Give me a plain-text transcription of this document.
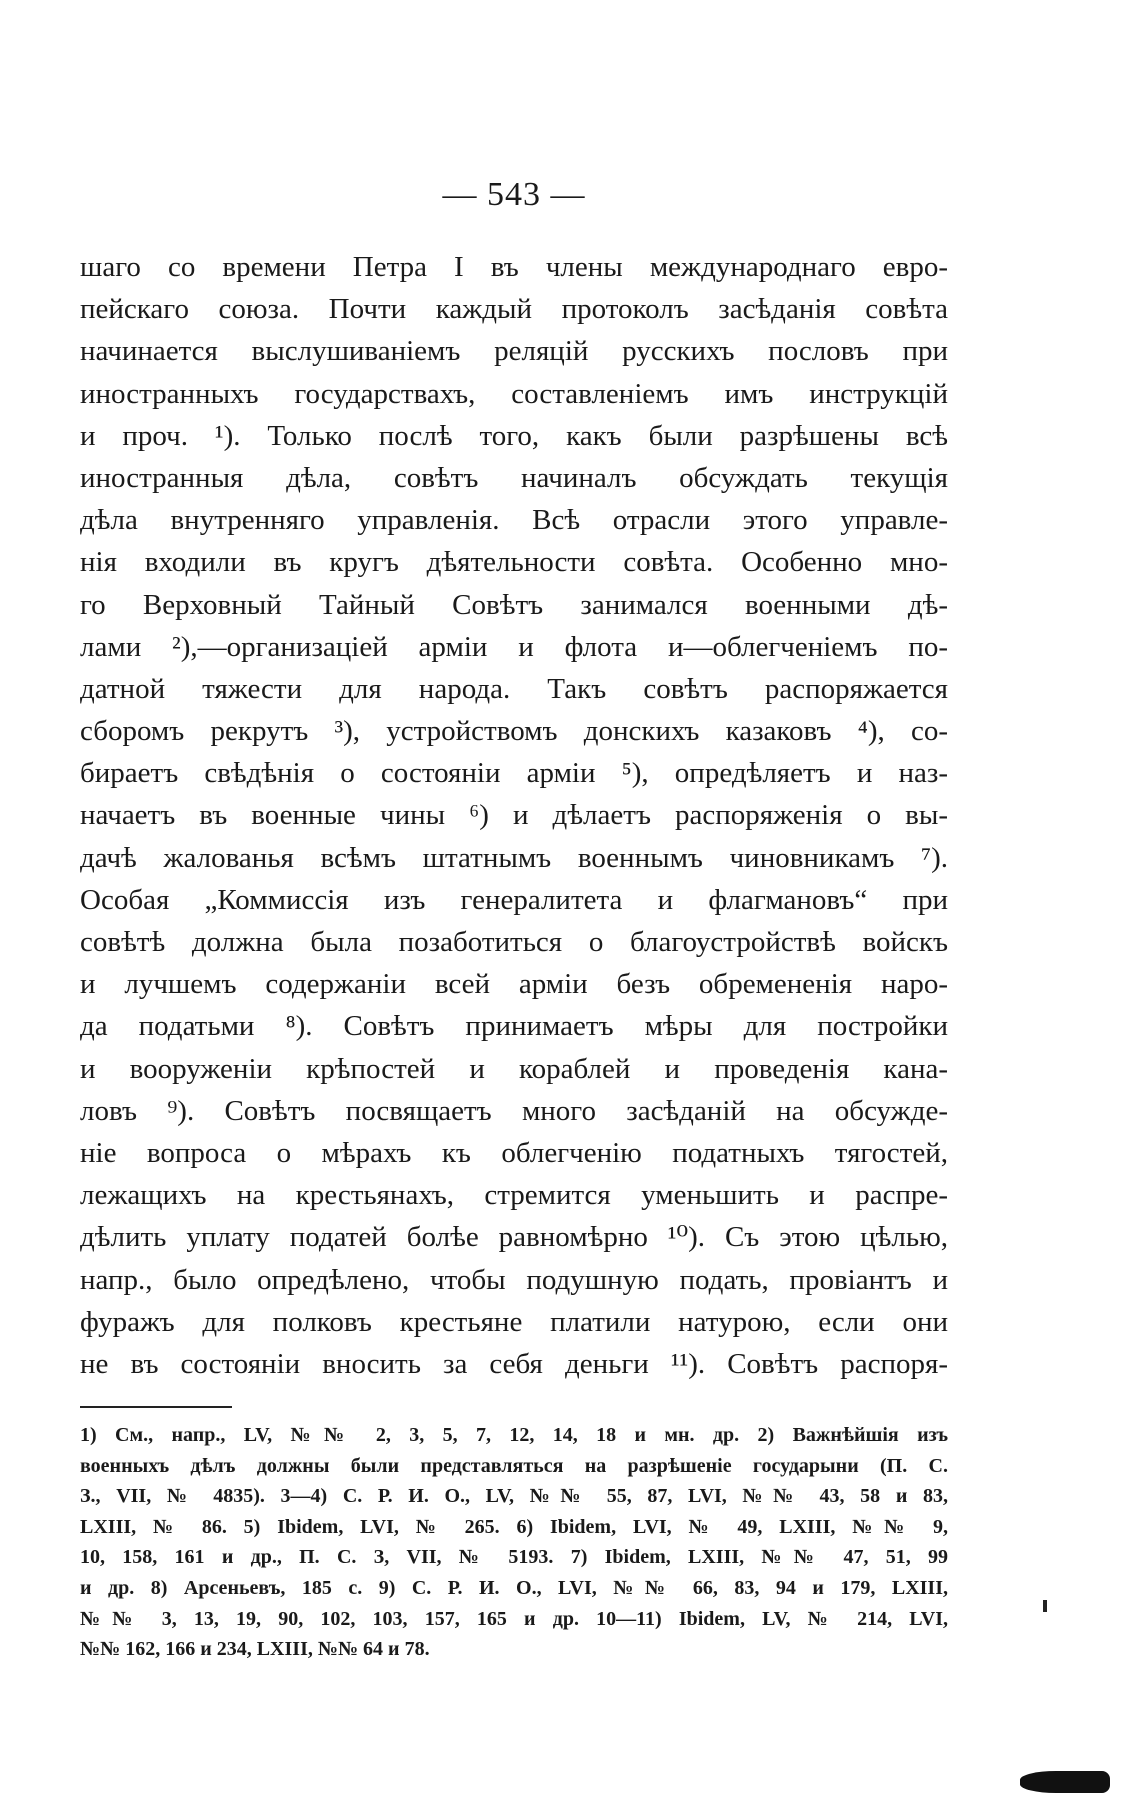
— 543 —
шаго со времени Петра I въ члены международнаго евро-
пейскаго союза. Почти каждый протоколъ засѣданія совѣта
начинается выслушиваніемъ реляцій русскихъ пословъ при
иностранныхъ государствахъ, составленіемъ имъ инструкцій
и проч. ¹). Только послѣ того, какъ были разрѣшены всѣ
иностранныя дѣла, совѣтъ начиналъ обсуждать текущія
дѣла внутренняго управленія. Всѣ отрасли этого управле-
нія входили въ кругъ дѣятельности совѣта. Особенно мно-
го Верховный Тайный Совѣтъ занимался военными дѣ-
лами ²),—организаціей арміи и флота и—облегченіемъ по-
датной тяжести для народа. Такъ совѣтъ распоряжается
сборомъ рекрутъ ³), устройствомъ донскихъ казаковъ ⁴), со-
бираетъ свѣдѣнія о состояніи арміи ⁵), опредѣляетъ и наз-
начаетъ въ военные чины ⁶) и дѣлаетъ распоряженія о вы-
дачѣ жалованья всѣмъ штатнымъ военнымъ чиновникамъ ⁷).
Особая „Коммиссія изъ генералитета и флагмановъ“ при
совѣтѣ должна была позаботиться о благоустройствѣ войскъ
и лучшемъ содержаніи всей арміи безъ обремененія наро-
да податьми ⁸). Совѣтъ принимаетъ мѣры для постройки
и вооруженіи крѣпостей и кораблей и проведенія кана-
ловъ ⁹). Совѣтъ посвящаетъ много засѣданій на обсужде-
ніе вопроса о мѣрахъ къ облегченію податныхъ тягостей,
лежащихъ на крестьянахъ, стремится уменьшить и распре-
дѣлить уплату податей болѣе равномѣрно ¹⁰). Съ этою цѣлью,
напр., было опредѣлено, чтобы подушную подать, провіантъ и
фуражъ для полковъ крестьяне платили натурою, если они
не въ состояніи вносить за себя деньги ¹¹). Совѣтъ распоря-
1) См., напр., LV, №№ 2, 3, 5, 7, 12, 14, 18 и мн. др. 2) Важнѣйшія изъ
военныхъ дѣлъ должны были представляться на разрѣшеніе государыни (П. С.
З., VII, № 4835). 3—4) С. Р. И. О., LV, №№ 55, 87, LVI, №№ 43, 58 и 83,
LXIII, № 86. 5) Ibidem, LVI, № 265. 6) Ibidem, LVI, № 49, LXIII, №№ 9,
10, 158, 161 и др., П. С. З, VII, № 5193. 7) Ibidem, LXIII, №№ 47, 51, 99
и др. 8) Арсеньевъ, 185 с. 9) С. Р. И. О., LVI, №№ 66, 83, 94 и 179, LXIII,
№№ 3, 13, 19, 90, 102, 103, 157, 165 и др. 10—11) Ibidem, LV, № 214, LVI,
№№ 162, 166 и 234, LXIII, №№ 64 и 78.
